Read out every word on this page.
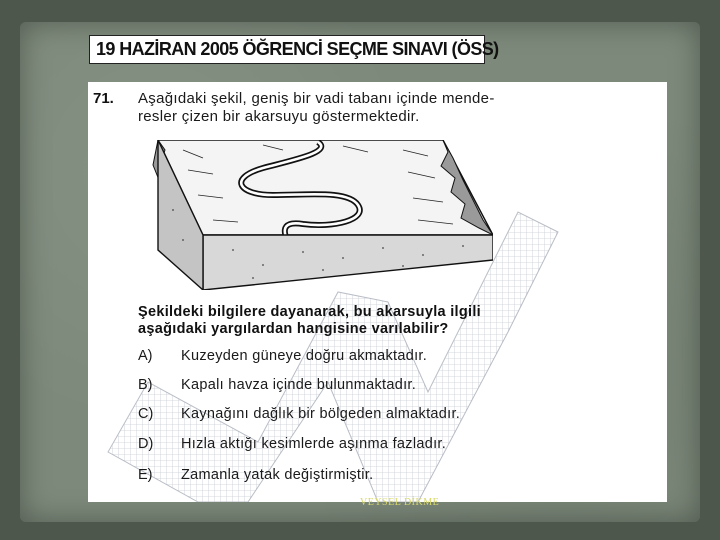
19 HAZİRAN 2005 ÖĞRENCİ SEÇME SINAVI (ÖSS)
71. Aşağıdaki şekil, geniş bir vadi tabanı içinde mende-
resler çizen bir akarsuyu göstermektedir.
Şekildeki bilgilere dayanarak, bu akarsuyla ilgili
aşağıdaki yargılardan hangisine varılabilir?
A) Kuzeyden güneye doğru akmaktadır.
B) Kapalı havza içinde bulunmaktadır.
C) Kaynağını dağlık bir bölgeden almaktadır.
D) Hızla aktığı kesimlerde aşınma fazladır.
E) Zamanla yatak değiştirmiştir.
VEYSEL DİKME
